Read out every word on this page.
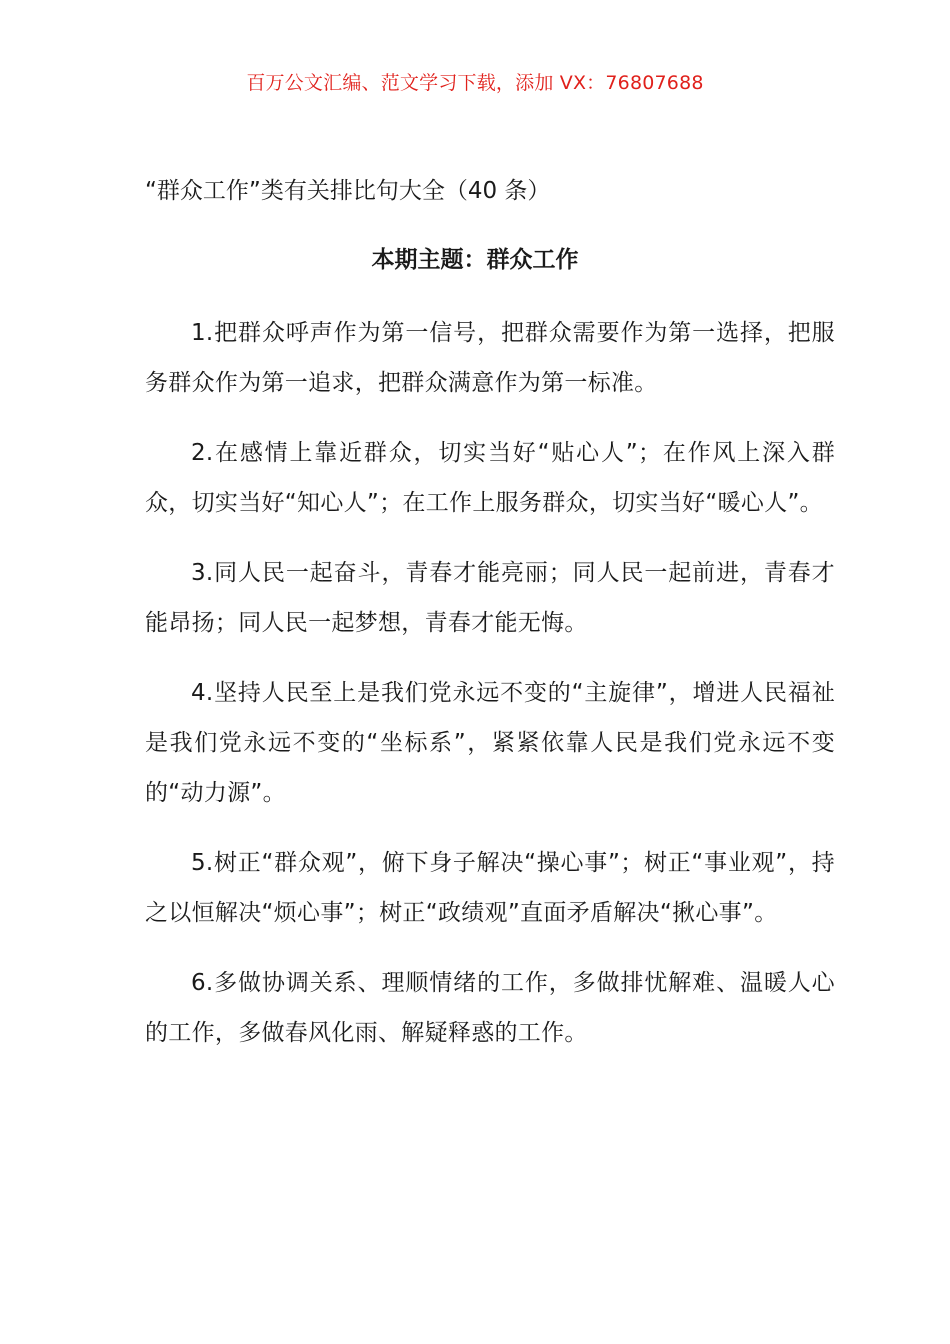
百万公文汇编、范文学习下载，添加 VX：76807688
“群众工作”类有关排比句大全（40 条）
本期主题：群众工作

1.把群众呼声作为第一信号，把群众需要作为第一选择，把服务群众作为第一追求，把群众满意作为第一标准。

2.在感情上靠近群众，切实当好“贴心人”；在作风上深入群众，切实当好“知心人”；在工作上服务群众，切实当好“暖心人”。

3.同人民一起奋斗，青春才能亮丽；同人民一起前进，青春才能昂扬；同人民一起梦想，青春才能无悔。

4.坚持人民至上是我们党永远不变的“主旋律”，增进人民福祉是我们党永远不变的“坐标系”，紧紧依靠人民是我们党永远不变的“动力源”。

5.树正“群众观”，俯下身子解决“操心事”；树正“事业观”，持之以恒解决“烦心事”；树正“政绩观”直面矛盾解决“揪心事”。

6.多做协调关系、理顺情绪的工作，多做排忧解难、温暖人心的工作，多做春风化雨、解疑释惑的工作。
